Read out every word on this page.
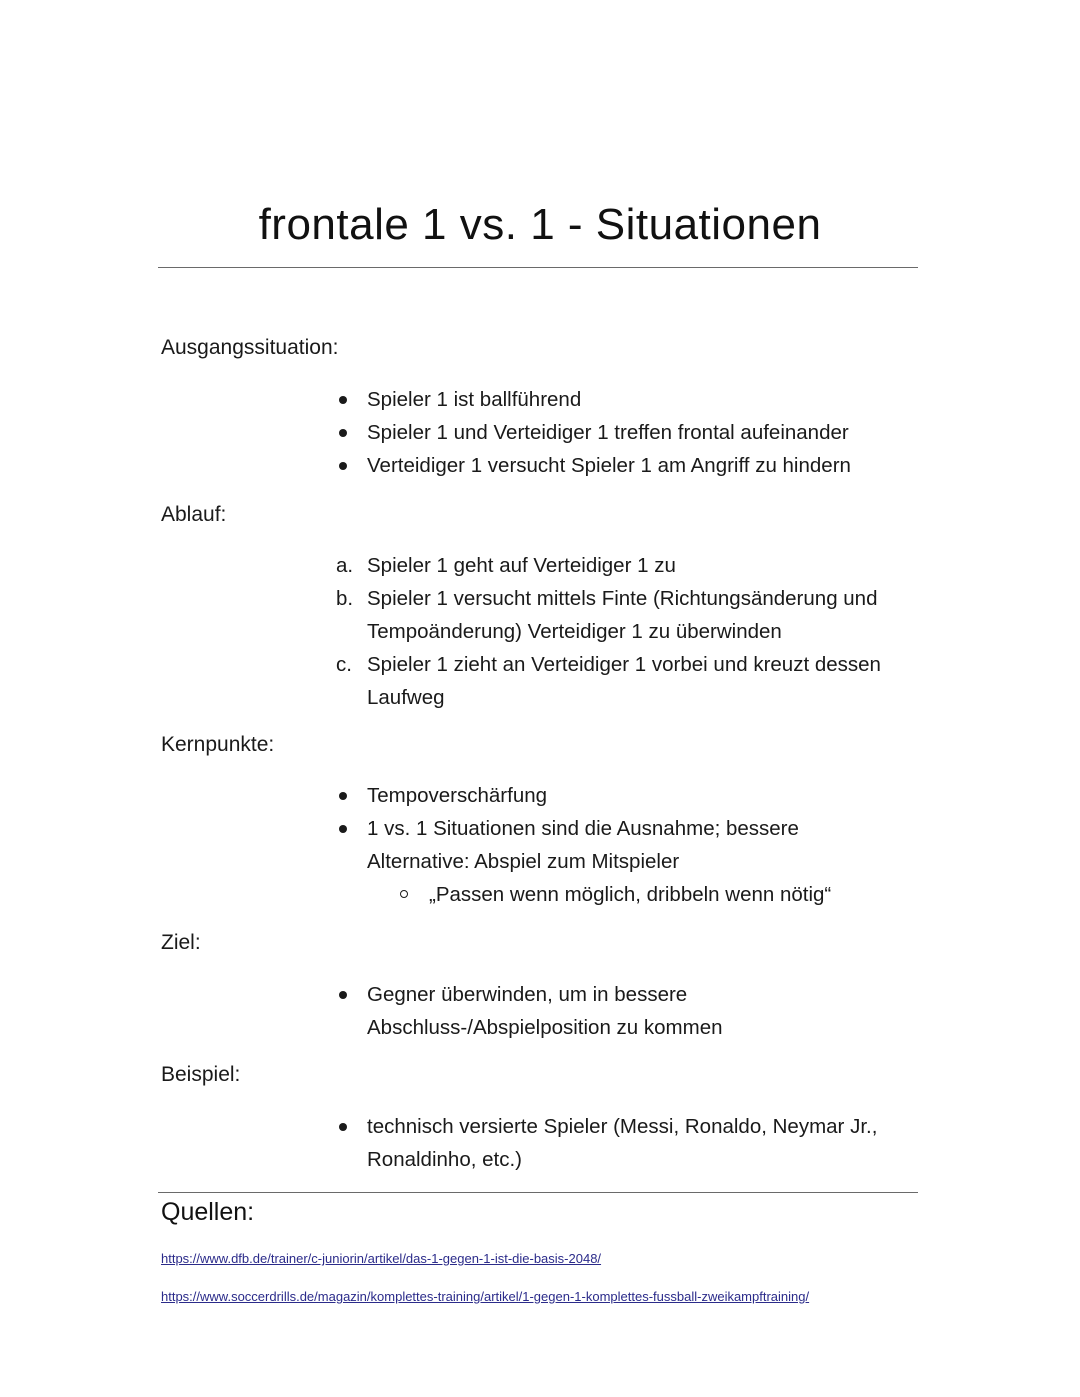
frontale 1 vs. 1 - Situationen
Ausgangssituation:
Spieler 1 ist ballführend
Spieler 1 und Verteidiger 1 treffen frontal aufeinander
Verteidiger 1 versucht Spieler 1 am Angriff zu hindern
Ablauf:
a. Spieler 1 geht auf Verteidiger 1 zu
b. Spieler 1 versucht mittels Finte (Richtungsänderung und Tempoänderung) Verteidiger 1 zu überwinden
c. Spieler 1 zieht an Verteidiger 1 vorbei und kreuzt dessen Laufweg
Kernpunkte:
Tempoverschärfung
1 vs. 1 Situationen sind die Ausnahme; bessere Alternative: Abspiel zum Mitspieler
„Passen wenn möglich, dribbeln wenn nötig“
Ziel:
Gegner überwinden, um in bessere Abschluss-/Abspielposition zu kommen
Beispiel:
technisch versierte Spieler (Messi, Ronaldo, Neymar Jr., Ronaldinho, etc.)
Quellen:
https://www.dfb.de/trainer/c-juniorin/artikel/das-1-gegen-1-ist-die-basis-2048/
https://www.soccerdrills.de/magazin/komplettes-training/artikel/1-gegen-1-komplettes-fussball-zweikampftraining/
